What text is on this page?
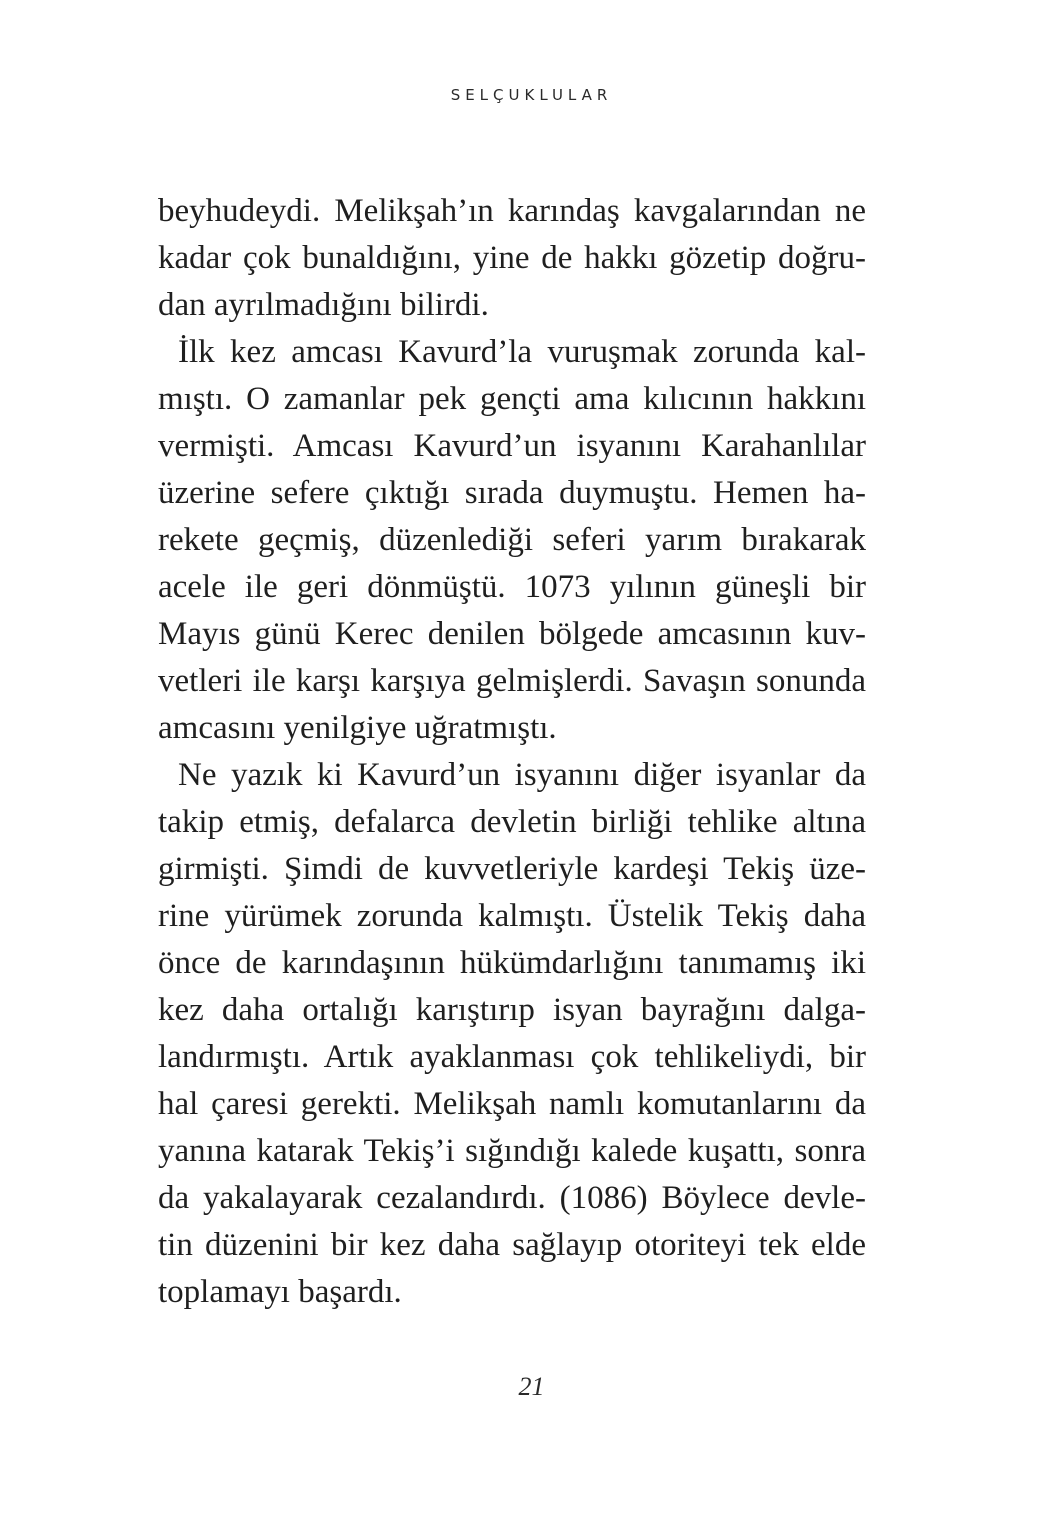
SELÇUKLULAR
beyhudeydi. Melikşah’ın karındaş kavgalarından ne
kadar çok bunaldığını, yine de hakkı gözetip doğru-
dan ayrılmadığını bilirdi.
İlk kez amcası Kavurd’la vuruşmak zorunda kal-
mıştı. O zamanlar pek gençti ama kılıcının hakkını
vermişti. Amcası Kavurd’un isyanını Karahanlılar
üzerine sefere çıktığı sırada duymuştu. Hemen ha-
rekete geçmiş, düzenlediği seferi yarım bırakarak
acele ile geri dönmüştü. 1073 yılının güneşli bir
Mayıs günü Kerec denilen bölgede amcasının kuv-
vetleri ile karşı karşıya gelmişlerdi. Savaşın sonunda
amcasını yenilgiye uğratmıştı.
Ne yazık ki Kavurd’un isyanını diğer isyanlar da
takip etmiş, defalarca devletin birliği tehlike altına
girmişti. Şimdi de kuvvetleriyle kardeşi Tekiş üze-
rine yürümek zorunda kalmıştı. Üstelik Tekiş daha
önce de karındaşının hükümdarlığını tanımamış iki
kez daha ortalığı karıştırıp isyan bayrağını dalga-
landırmıştı. Artık ayaklanması çok tehlikeliydi, bir
hal çaresi gerekti. Melikşah namlı komutanlarını da
yanına katarak Tekiş’i sığındığı kalede kuşattı, sonra
da yakalayarak cezalandırdı. (1086) Böylece devle-
tin düzenini bir kez daha sağlayıp otoriteyi tek elde
toplamayı başardı.
21
